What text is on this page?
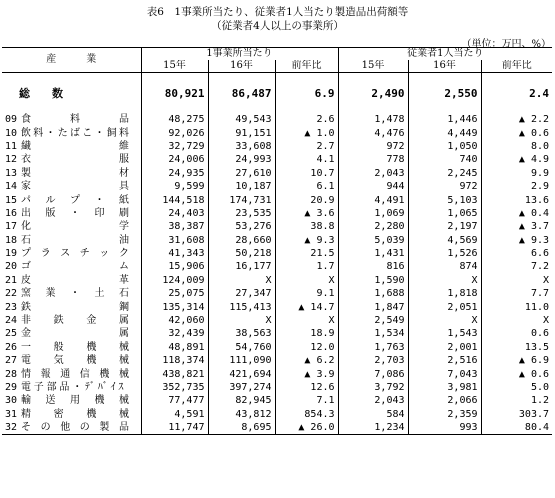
表6　1事業所当たり、従業者1人当たり製造品出荷額等
（従業者4人以上の事業所）
（単位：万円、%）
産　　　業	1事業所当たり			従業者1人当たり		
	15年	16年	前年比	15年	16年	前年比
総　　数	80,921	86,487	6.9	2,490	2,550	2.4
09 食料品	48,275	49,543	2.6	1,478	1,446	▲ 2.2
10 飲料・たばこ・飼料	92,026	91,151	▲ 1.0	4,476	4,449	▲ 0.6
11 繊維	32,729	33,608	2.7	972	1,050	8.0
12 衣服	24,006	24,993	4.1	778	740	▲ 4.9
13 製材	24,935	27,610	10.7	2,043	2,245	9.9
14 家具	9,599	10,187	6.1	944	972	2.9
15 パルプ・紙	144,518	174,731	20.9	4,491	5,103	13.6
16 出版・印刷	24,403	23,535	▲ 3.6	1,069	1,065	▲ 0.4
17 化学	38,387	53,276	38.8	2,280	2,197	▲ 3.7
18 石油	31,608	28,660	▲ 9.3	5,039	4,569	▲ 9.3
19 プラスチック	41,343	50,218	21.5	1,431	1,526	6.6
20 ゴム	15,906	16,177	1.7	816	874	7.2
21 皮革	124,009	X	X	1,590	X	X
22 窯業・土石	25,075	27,347	9.1	1,688	1,818	7.7
23 鉄鋼	135,314	115,413	▲ 14.7	1,847	2,051	11.0
24 非鉄金属	42,060	X	X	2,549	X	X
25 金属	32,439	38,563	18.9	1,534	1,543	0.6
26 一般機械	48,891	54,760	12.0	1,763	2,001	13.5
27 電気機械	118,374	111,090	▲ 6.2	2,703	2,516	▲ 6.9
28 情報通信機械	438,821	421,694	▲ 3.9	7,086	7,043	▲ 0.6
29 電子部品・ﾃﾞﾊﾞｲｽ	352,735	397,274	12.6	3,792	3,981	5.0
30 輸送用機械	77,477	82,945	7.1	2,043	2,066	1.2
31 精密機械	4,591	43,812	854.3	584	2,359	303.7
32 その他の製品	11,747	8,695	▲ 26.0	1,234	993	80.4
